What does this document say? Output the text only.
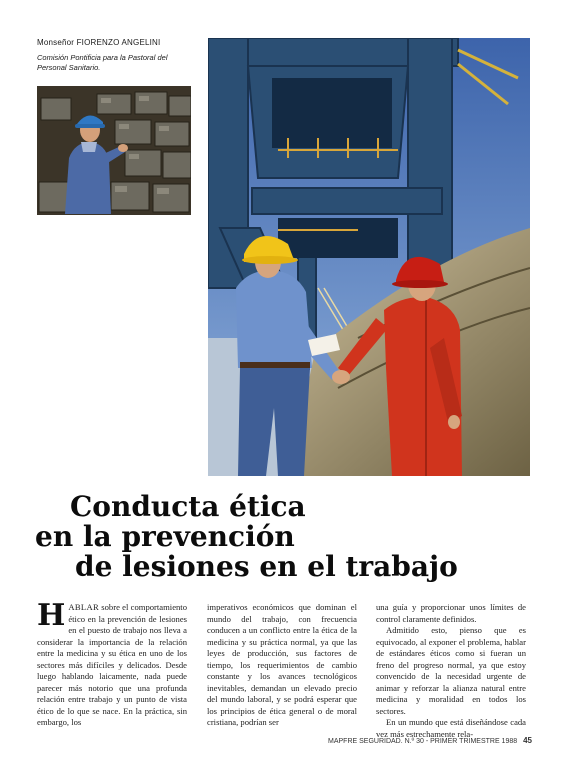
Monseñor FIORENZO ANGELINI

Comisión Pontificia para la Pastoral del Personal Sanitario.

Conducta ética
en la prevención
de lesiones en el trabajo

HABLAR sobre el comportamiento ético en la prevención de lesiones en el puesto de trabajo nos lleva a considerar la importancia de la relación entre la medicina y su ética en uno de los sectores más difíciles y delicados. Desde luego hablando laicamente, nada puede parecer más notorio que una profunda relación entre trabajo y un punto de vista ético de lo que se nace. En la práctica, sin embargo, los

imperativos económicos que dominan el mundo del trabajo, con frecuencia conducen a un conflicto entre la ética de la medicina y su práctica normal, ya que las leyes de producción, sus factores de tiempo, los requerimientos de cambio constante y los avances tecnológicos inevitables, demandan un elevado precio del mundo laboral, y se podrá esperar que los principios de ética general o de moral cristiana, podrían ser

una guía y proporcionar unos límites de control claramente definidos.

Admitido esto, pienso que es equivocado, al exponer el problema, hablar de estándares éticos como si fueran un freno del progreso normal, ya que estoy convencido de la necesidad urgente de animar y reforzar la alianza natural entre medicina y moralidad en todos los sectores.

En un mundo que está diseñándose cada vez más estrechamente rela-

MAPFRE SEGURIDAD. N.º 30 - PRIMER TRIMESTRE 1988 45
